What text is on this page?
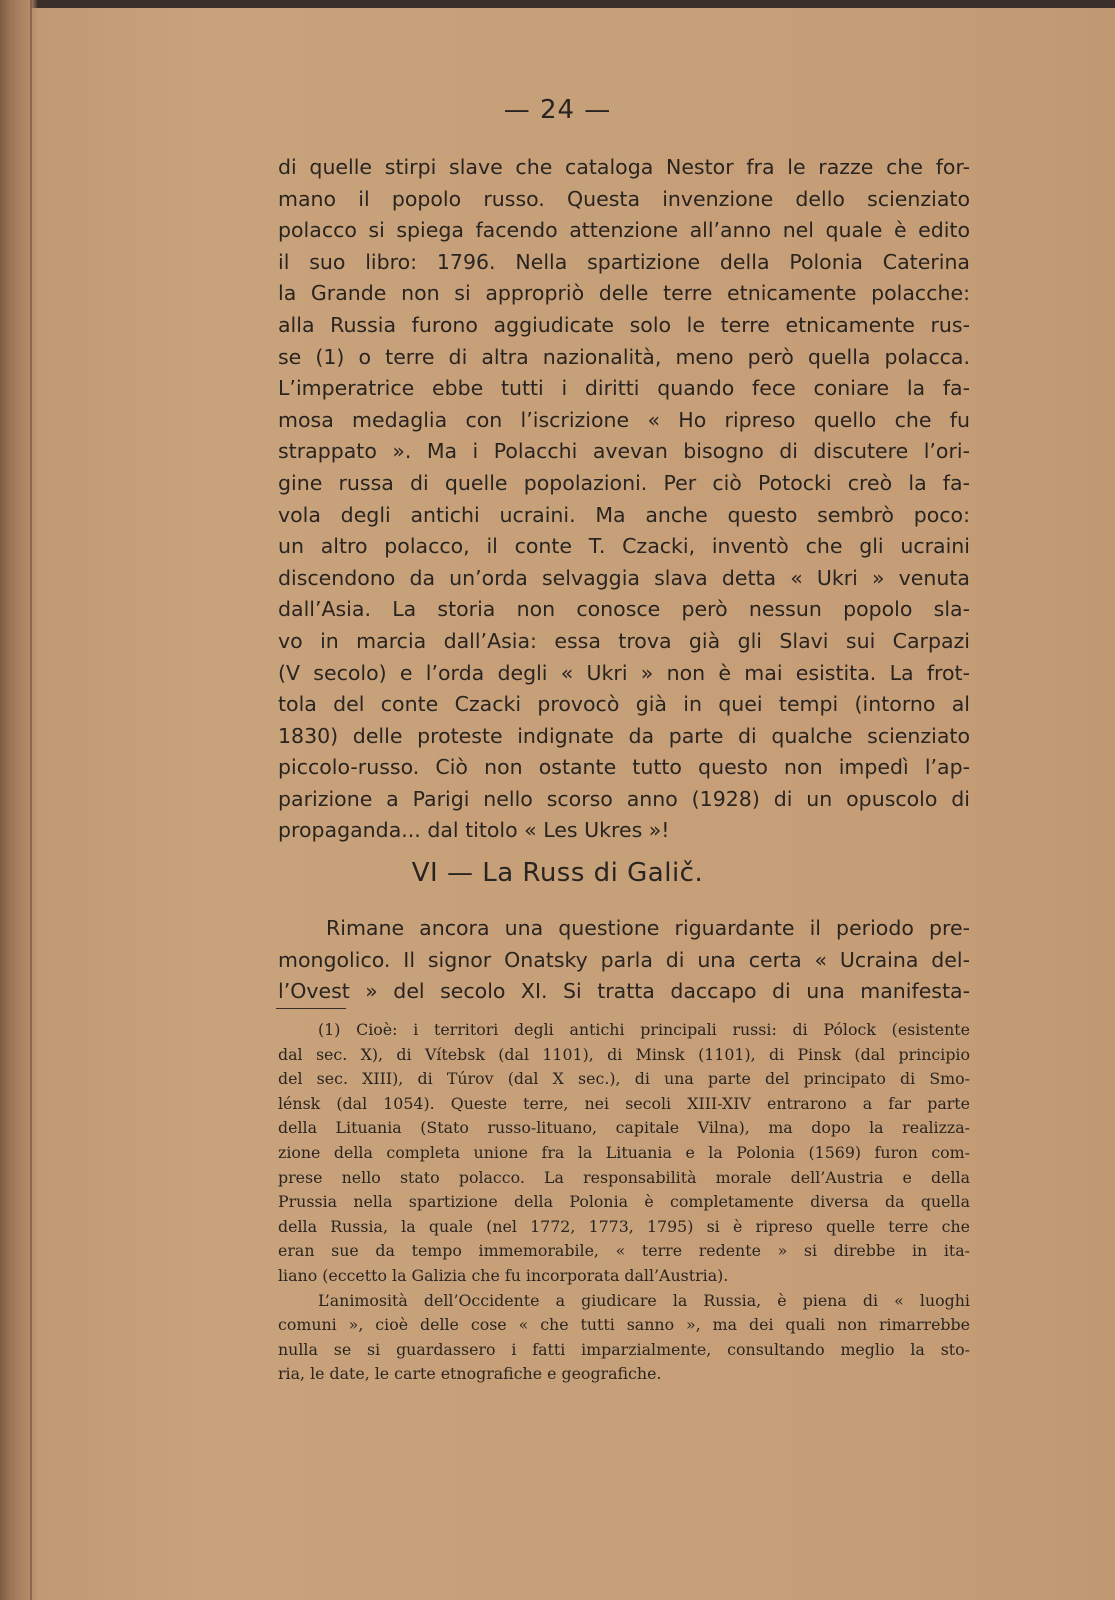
— 24 —
di quelle stirpi slave che cataloga Nestor fra le razze che for-
mano il popolo russo. Questa invenzione dello scienziato
polacco si spiega facendo attenzione all’anno nel quale è edito
il suo libro: 1796. Nella spartizione della Polonia Caterina
la Grande non si appropriò delle terre etnicamente polacche:
alla Russia furono aggiudicate solo le terre etnicamente rus-
se (1) o terre di altra nazionalità, meno però quella polacca.
L’imperatrice ebbe tutti i diritti quando fece coniare la fa-
mosa medaglia con l’iscrizione « Ho ripreso quello che fu
strappato ». Ma i Polacchi avevan bisogno di discutere l’ori-
gine russa di quelle popolazioni. Per ciò Potocki creò la fa-
vola degli antichi ucraini. Ma anche questo sembrò poco:
un altro polacco, il conte T. Czacki, inventò che gli ucraini
discendono da un’orda selvaggia slava detta « Ukri » venuta
dall’Asia. La storia non conosce però nessun popolo sla-
vo in marcia dall’Asia: essa trova già gli Slavi sui Carpazi
(V secolo) e l’orda degli « Ukri » non è mai esistita. La frot-
tola del conte Czacki provocò già in quei tempi (intorno al
1830) delle proteste indignate da parte di qualche scienziato
piccolo-russo. Ciò non ostante tutto questo non impedì l’ap-
parizione a Parigi nello scorso anno (1928) di un opuscolo di
propaganda... dal titolo « Les Ukres »!
VI — La Russ di Galič.
Rimane ancora una questione riguardante il periodo pre-
mongolico. Il signor Onatsky parla di una certa « Ucraina del-
l’Ovest » del secolo XI. Si tratta daccapo di una manifesta-
(1) Cioè: i territori degli antichi principali russi: di Pólock (esistente
dal sec. X), di Vítebsk (dal 1101), di Minsk (1101), di Pinsk (dal principio
del sec. XIII), di Túrov (dal X sec.), di una parte del principato di Smo-
lénsk (dal 1054). Queste terre, nei secoli XIII-XIV entrarono a far parte
della Lituania (Stato russo-lituano, capitale Vilna), ma dopo la realizza-
zione della completa unione fra la Lituania e la Polonia (1569) furon com-
prese nello stato polacco. La responsabilità morale dell’Austria e della
Prussia nella spartizione della Polonia è completamente diversa da quella
della Russia, la quale (nel 1772, 1773, 1795) si è ripreso quelle terre che
eran sue da tempo immemorabile, « terre redente » si direbbe in ita-
liano (eccetto la Galizia che fu incorporata dall’Austria).
L’animosità dell’Occidente a giudicare la Russia, è piena di « luoghi
comuni », cioè delle cose « che tutti sanno », ma dei quali non rimarrebbe
nulla se si guardassero i fatti imparzialmente, consultando meglio la sto-
ria, le date, le carte etnografiche e geografiche.
